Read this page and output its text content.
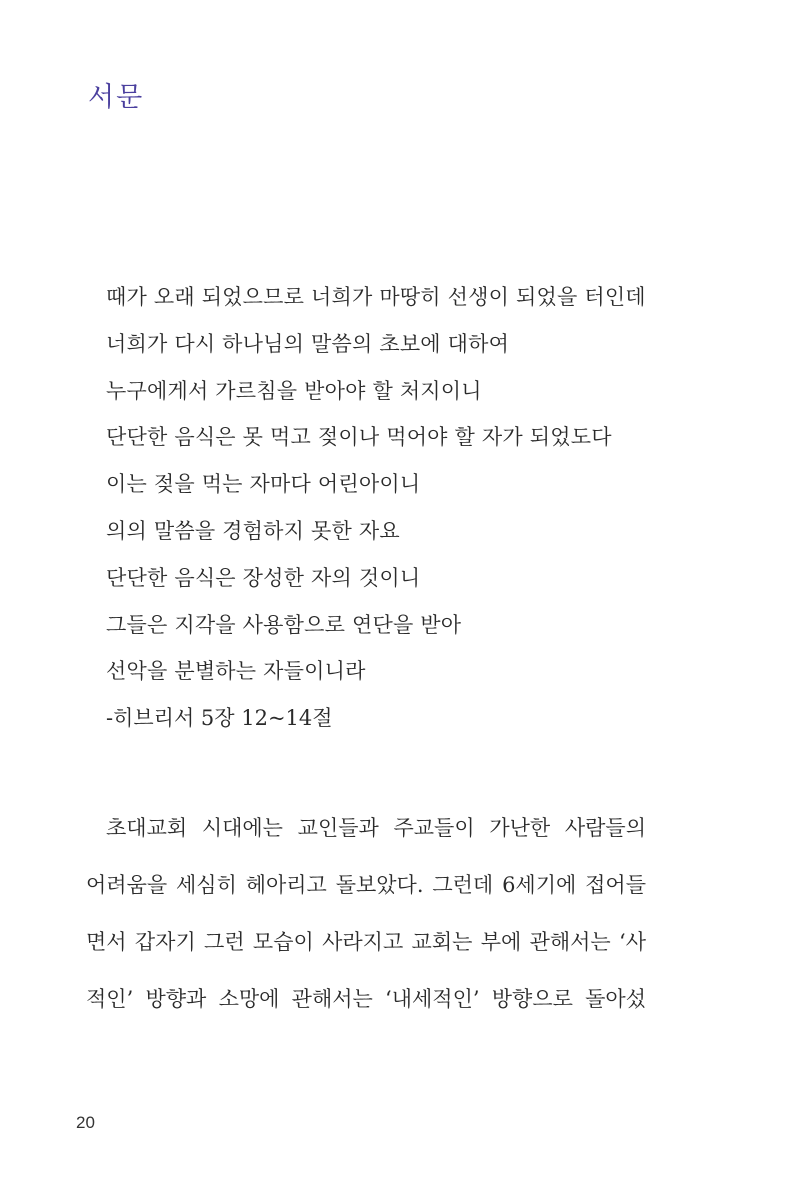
서문
때가 오래 되었으므로 너희가 마땅히 선생이 되었을 터인데
너희가 다시 하나님의 말씀의 초보에 대하여
누구에게서 가르침을 받아야 할 처지이니
단단한 음식은 못 먹고 젖이나 먹어야 할 자가 되었도다
이는 젖을 먹는 자마다 어린아이니
의의 말씀을 경험하지 못한 자요
단단한 음식은 장성한 자의 것이니
그들은 지각을 사용함으로 연단을 받아
선악을 분별하는 자들이니라
-히브리서 5장 12~14절
초대교회 시대에는 교인들과 주교들이 가난한 사람들의
어려움을 세심히 헤아리고 돌보았다. 그런데 6세기에 접어들
면서 갑자기 그런 모습이 사라지고 교회는 부에 관해서는 ‘사
적인’ 방향과 소망에 관해서는 ‘내세적인’ 방향으로 돌아섰
20
